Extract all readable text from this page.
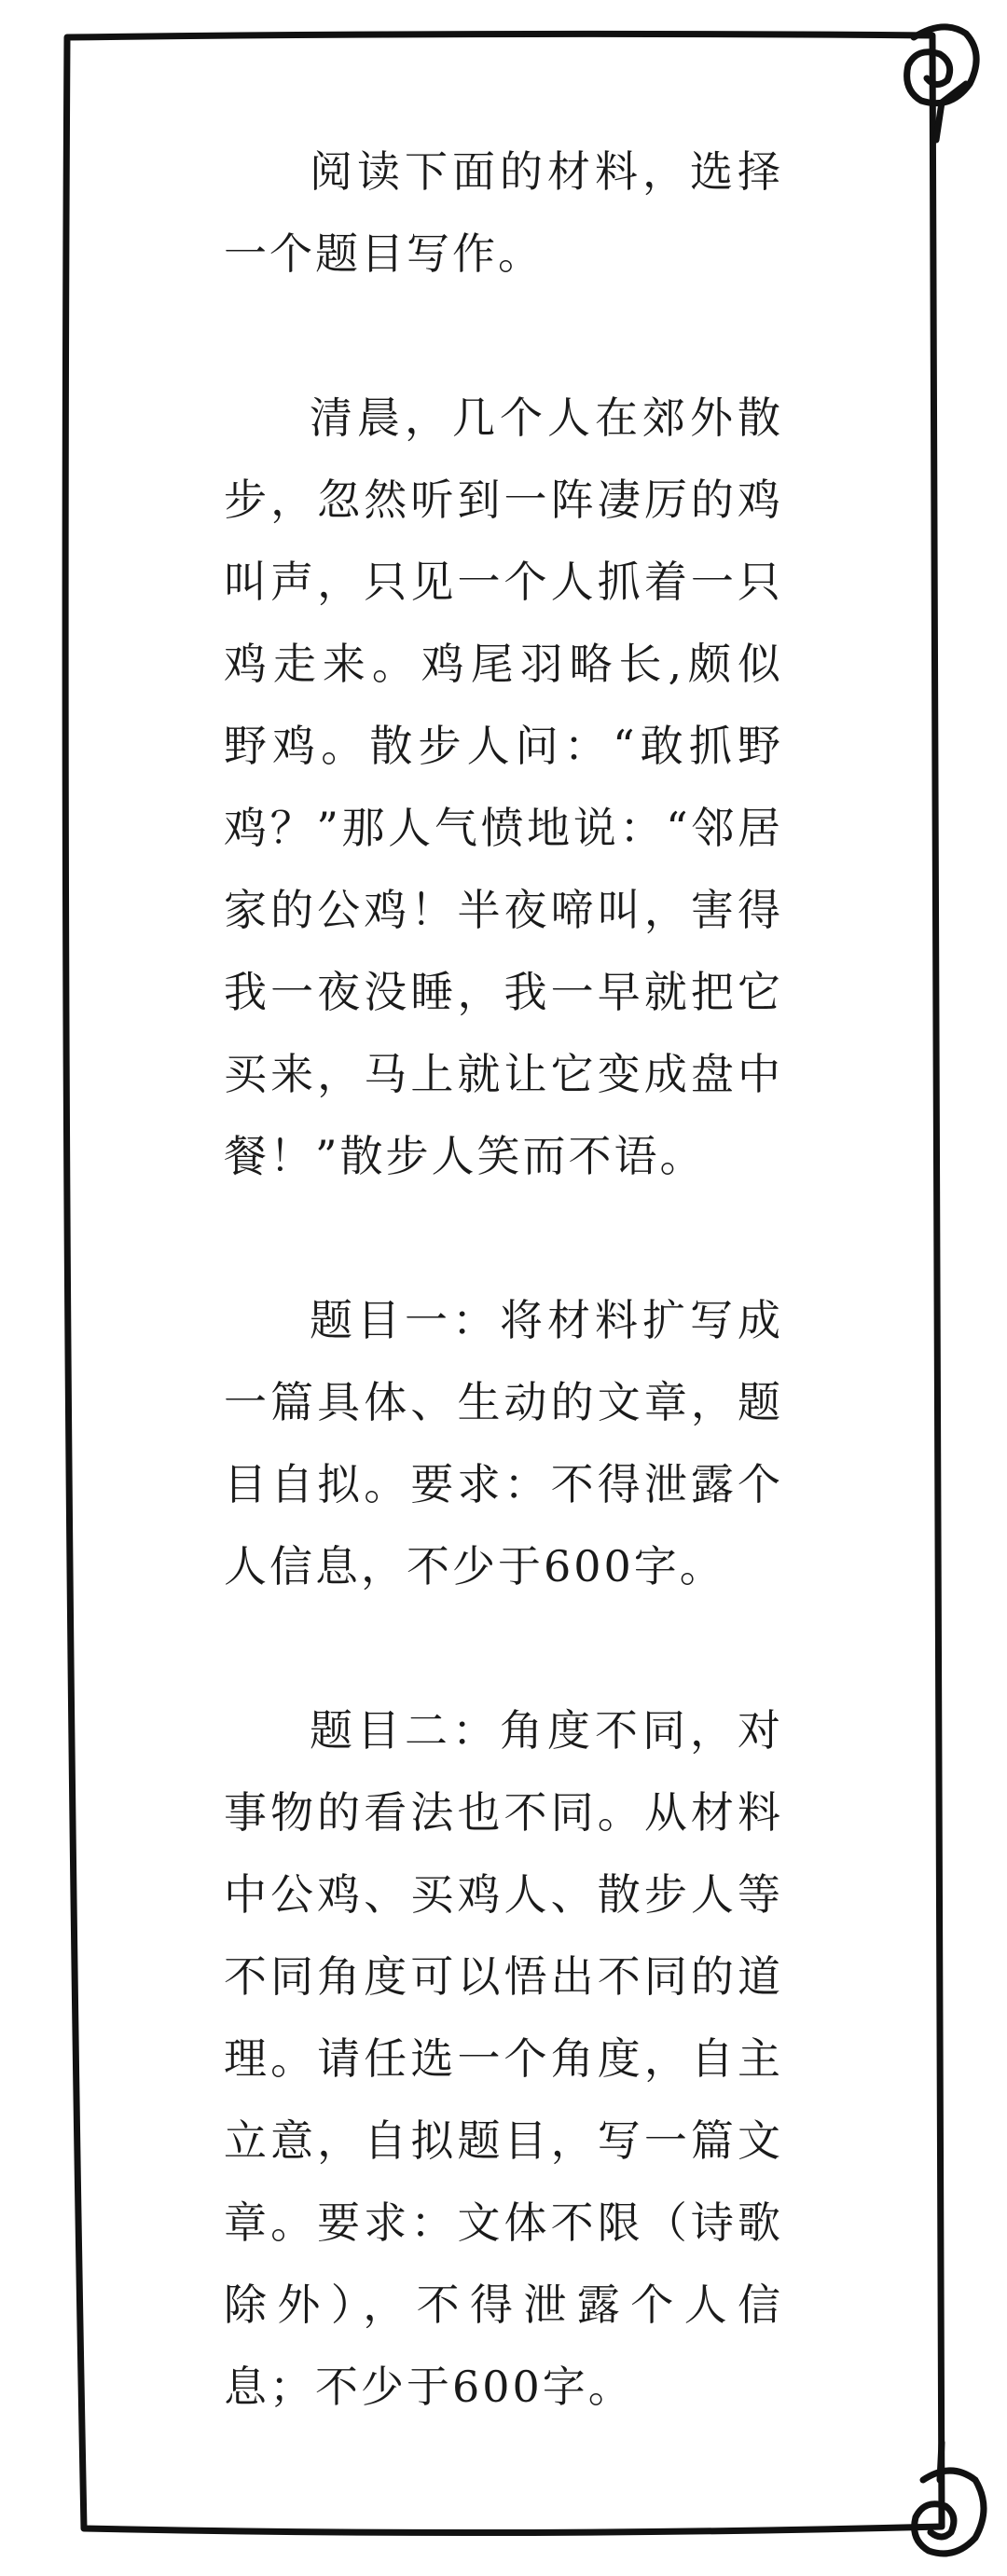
阅读下面的材料，选择一个题目写作。

清晨，几个人在郊外散步，忽然听到一阵凄厉的鸡叫声，只见一个人抓着一只鸡走来。鸡尾羽略长,颇似野鸡。散步人问：“敢抓野鸡？”那人气愤地说：“邻居家的公鸡！半夜啼叫，害得我一夜没睡，我一早就把它买来，马上就让它变成盘中餐！”散步人笑而不语。

题目一：将材料扩写成一篇具体、生动的文章，题目自拟。要求：不得泄露个人信息，不少于600字。

题目二：角度不同，对事物的看法也不同。从材料中公鸡、买鸡人、散步人等不同角度可以悟出不同的道理。请任选一个角度，自主立意，自拟题目，写一篇文章。要求：文体不限（诗歌除外），不得泄露个人信息；不少于600字。
